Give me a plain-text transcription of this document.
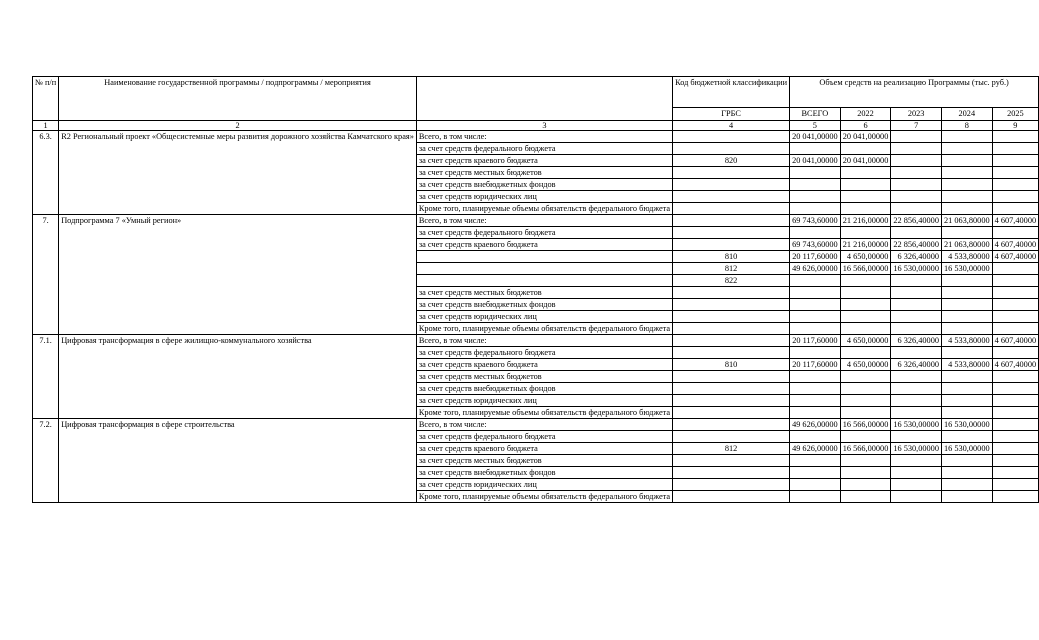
№ п/п	Наименование государственной программы / подпрограммы / мероприятия		Код бюджетной классификации	Объем средств на реализацию Программы (тыс. руб.)				
			ГРБС	ВСЕГО	2022	2023	2024	2025
1	2	3	4	5	6	7	8	9
6.3.	R2 Региональный проект «Общесистемные меры развития дорожного хозяйства Камчатского края»	Всего, в том числе:		20 041,00000	20 041,00000			
		за счет средств федерального бюджета						
		за счет средств краевого бюджета	820	20 041,00000	20 041,00000			
		за счет средств местных бюджетов						
		за счет средств внебюджетных фондов						
		за счет средств юридических лиц						
		Кроме того, планируемые объемы обязательств федерального бюджета						
7.	Подпрограмма 7 «Умный регион»	Всего, в том числе:		69 743,60000	21 216,00000	22 856,40000	21 063,80000	4 607,40000
		за счет средств федерального бюджета						
		за счет средств краевого бюджета		69 743,60000	21 216,00000	22 856,40000	21 063,80000	4 607,40000
			810	20 117,60000	4 650,00000	6 326,40000	4 533,80000	4 607,40000
			812	49 626,00000	16 566,00000	16 530,00000	16 530,00000	
			822					
		за счет средств местных бюджетов						
		за счет средств внебюджетных фондов						
		за счет средств юридических лиц						
		Кроме того, планируемые объемы обязательств федерального бюджета						
7.1.	Цифровая трансформация в сфере жилищно-коммунального хозяйства	Всего, в том числе:		20 117,60000	4 650,00000	6 326,40000	4 533,80000	4 607,40000
		за счет средств федерального бюджета						
		за счет средств краевого бюджета	810	20 117,60000	4 650,00000	6 326,40000	4 533,80000	4 607,40000
		за счет средств местных бюджетов						
		за счет средств внебюджетных фондов						
		за счет средств юридических лиц						
		Кроме того, планируемые объемы обязательств федерального бюджета						
7.2.	Цифровая трансформация в сфере строительства	Всего, в том числе:		49 626,00000	16 566,00000	16 530,00000	16 530,00000	
		за счет средств федерального бюджета						
		за счет средств краевого бюджета	812	49 626,00000	16 566,00000	16 530,00000	16 530,00000	
		за счет средств местных бюджетов						
		за счет средств внебюджетных фондов						
		за счет средств юридических лиц						
		Кроме того, планируемые объемы обязательств федерального бюджета						
